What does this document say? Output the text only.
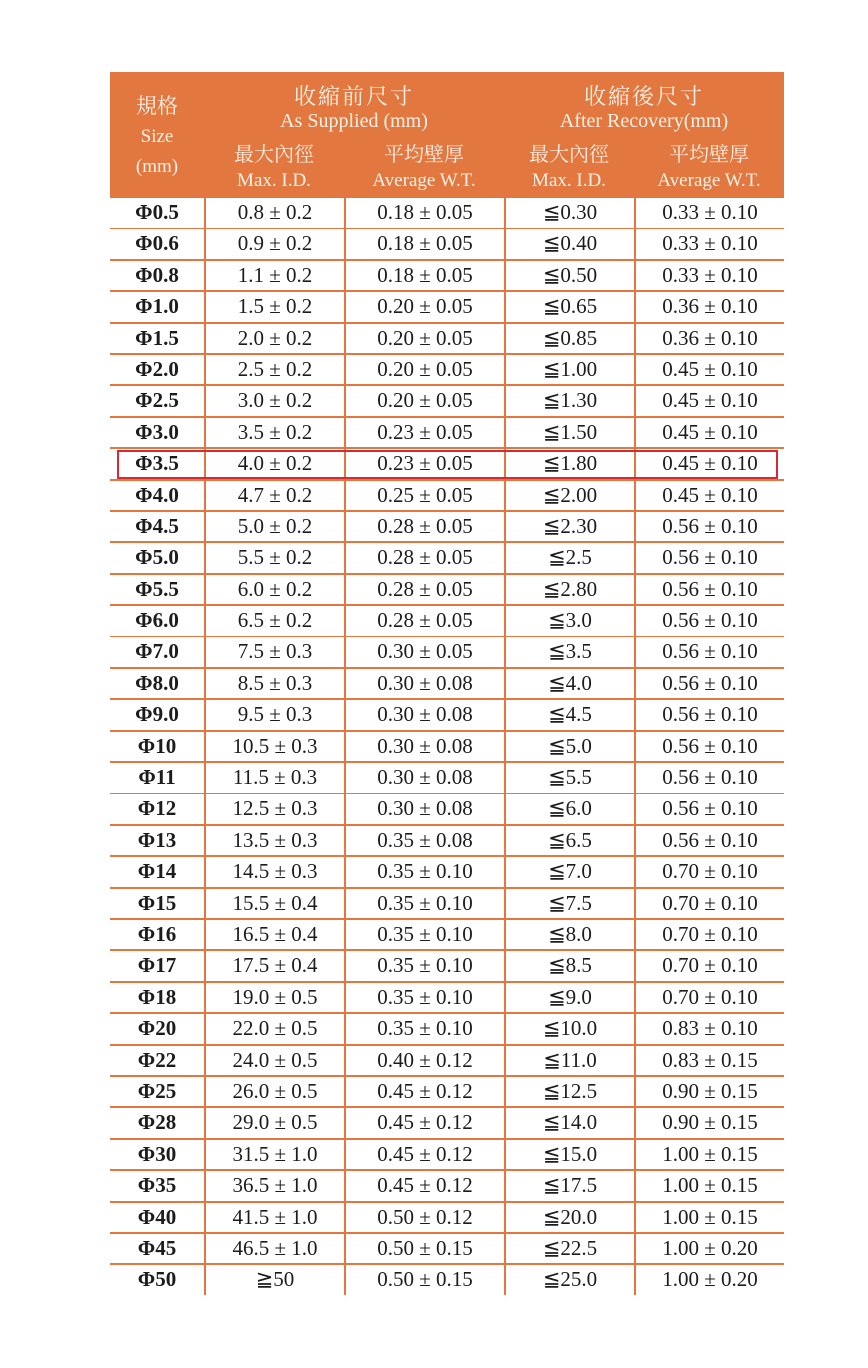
規格
Size
(mm)
收縮前尺寸
As Supplied (mm)
收縮後尺寸
After Recovery(mm)
最大內徑	平均壁厚	最大內徑	平均壁厚
Max. I.D.	Average W.T.	Max. I.D.	Average W.T.
Φ0.5	0.8 ± 0.2	0.18 ± 0.05	≦0.30	0.33 ± 0.10
Φ0.6	0.9 ± 0.2	0.18 ± 0.05	≦0.40	0.33 ± 0.10
Φ0.8	1.1 ± 0.2	0.18 ± 0.05	≦0.50	0.33 ± 0.10
Φ1.0	1.5 ± 0.2	0.20 ± 0.05	≦0.65	0.36 ± 0.10
Φ1.5	2.0 ± 0.2	0.20 ± 0.05	≦0.85	0.36 ± 0.10
Φ2.0	2.5 ± 0.2	0.20 ± 0.05	≦1.00	0.45 ± 0.10
Φ2.5	3.0 ± 0.2	0.20 ± 0.05	≦1.30	0.45 ± 0.10
Φ3.0	3.5 ± 0.2	0.23 ± 0.05	≦1.50	0.45 ± 0.10
Φ3.5	4.0 ± 0.2	0.23 ± 0.05	≦1.80	0.45 ± 0.10
Φ4.0	4.7 ± 0.2	0.25 ± 0.05	≦2.00	0.45 ± 0.10
Φ4.5	5.0 ± 0.2	0.28 ± 0.05	≦2.30	0.56 ± 0.10
Φ5.0	5.5 ± 0.2	0.28 ± 0.05	≦2.5	0.56 ± 0.10
Φ5.5	6.0 ± 0.2	0.28 ± 0.05	≦2.80	0.56 ± 0.10
Φ6.0	6.5 ± 0.2	0.28 ± 0.05	≦3.0	0.56 ± 0.10
Φ7.0	7.5 ± 0.3	0.30 ± 0.05	≦3.5	0.56 ± 0.10
Φ8.0	8.5 ± 0.3	0.30 ± 0.08	≦4.0	0.56 ± 0.10
Φ9.0	9.5 ± 0.3	0.30 ± 0.08	≦4.5	0.56 ± 0.10
Φ10	10.5 ± 0.3	0.30 ± 0.08	≦5.0	0.56 ± 0.10
Φ11	11.5 ± 0.3	0.30 ± 0.08	≦5.5	0.56 ± 0.10
Φ12	12.5 ± 0.3	0.30 ± 0.08	≦6.0	0.56 ± 0.10
Φ13	13.5 ± 0.3	0.35 ± 0.08	≦6.5	0.56 ± 0.10
Φ14	14.5 ± 0.3	0.35 ± 0.10	≦7.0	0.70 ± 0.10
Φ15	15.5 ± 0.4	0.35 ± 0.10	≦7.5	0.70 ± 0.10
Φ16	16.5 ± 0.4	0.35 ± 0.10	≦8.0	0.70 ± 0.10
Φ17	17.5 ± 0.4	0.35 ± 0.10	≦8.5	0.70 ± 0.10
Φ18	19.0 ± 0.5	0.35 ± 0.10	≦9.0	0.70 ± 0.10
Φ20	22.0 ± 0.5	0.35 ± 0.10	≦10.0	0.83 ± 0.10
Φ22	24.0 ± 0.5	0.40 ± 0.12	≦11.0	0.83 ± 0.15
Φ25	26.0 ± 0.5	0.45 ± 0.12	≦12.5	0.90 ± 0.15
Φ28	29.0 ± 0.5	0.45 ± 0.12	≦14.0	0.90 ± 0.15
Φ30	31.5 ± 1.0	0.45 ± 0.12	≦15.0	1.00 ± 0.15
Φ35	36.5 ± 1.0	0.45 ± 0.12	≦17.5	1.00 ± 0.15
Φ40	41.5 ± 1.0	0.50 ± 0.12	≦20.0	1.00 ± 0.15
Φ45	46.5 ± 1.0	0.50 ± 0.15	≦22.5	1.00 ± 0.20
Φ50	≧50	0.50 ± 0.15	≦25.0	1.00 ± 0.20
